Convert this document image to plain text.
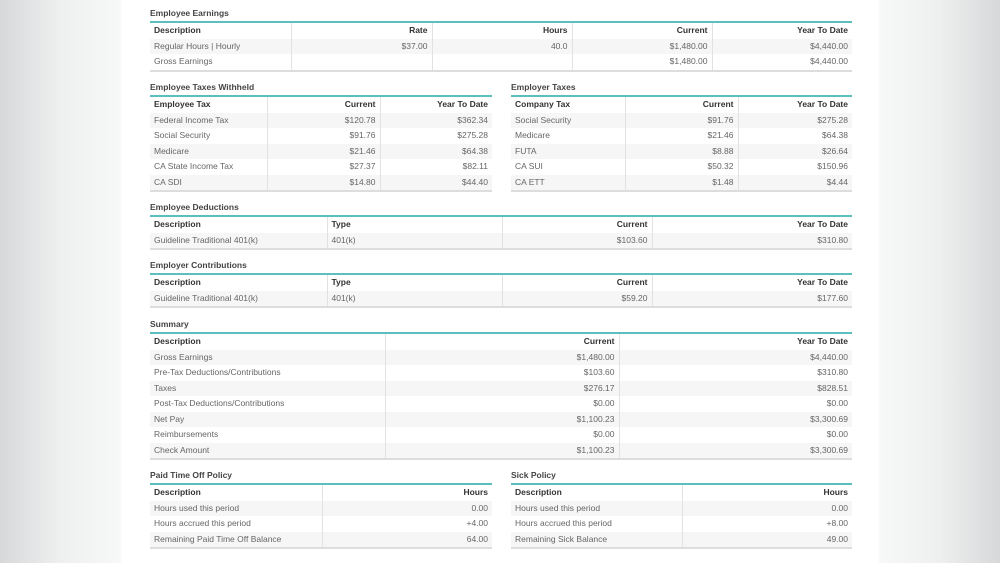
Employee Earnings
Description	Rate	Hours	Current	Year To Date
Regular Hours | Hourly	$37.00	40.0	$1,480.00	$4,440.00
Gross Earnings			$1,480.00	$4,440.00
Employee Taxes Withheld
Employee Tax	Current	Year To Date
Federal Income Tax	$120.78	$362.34
Social Security	$91.76	$275.28
Medicare	$21.46	$64.38
CA State Income Tax	$27.37	$82.11
CA SDI	$14.80	$44.40
Employer Taxes
Company Tax	Current	Year To Date
Social Security	$91.76	$275.28
Medicare	$21.46	$64.38
FUTA	$8.88	$26.64
CA SUI	$50.32	$150.96
CA ETT	$1.48	$4.44
Employee Deductions
Description	Type	Current	Year To Date
Guideline Traditional 401(k)	401(k)	$103.60	$310.80
Employer Contributions
Description	Type	Current	Year To Date
Guideline Traditional 401(k)	401(k)	$59.20	$177.60
Summary
Description	Current	Year To Date
Gross Earnings	$1,480.00	$4,440.00
Pre-Tax Deductions/Contributions	$103.60	$310.80
Taxes	$276.17	$828.51
Post-Tax Deductions/Contributions	$0.00	$0.00
Net Pay	$1,100.23	$3,300.69
Reimbursements	$0.00	$0.00
Check Amount	$1,100.23	$3,300.69
Paid Time Off Policy
Description	Hours
Hours used this period	0.00
Hours accrued this period	+4.00
Remaining Paid Time Off Balance	64.00
Sick Policy
Description	Hours
Hours used this period	0.00
Hours accrued this period	+8.00
Remaining Sick Balance	49.00
